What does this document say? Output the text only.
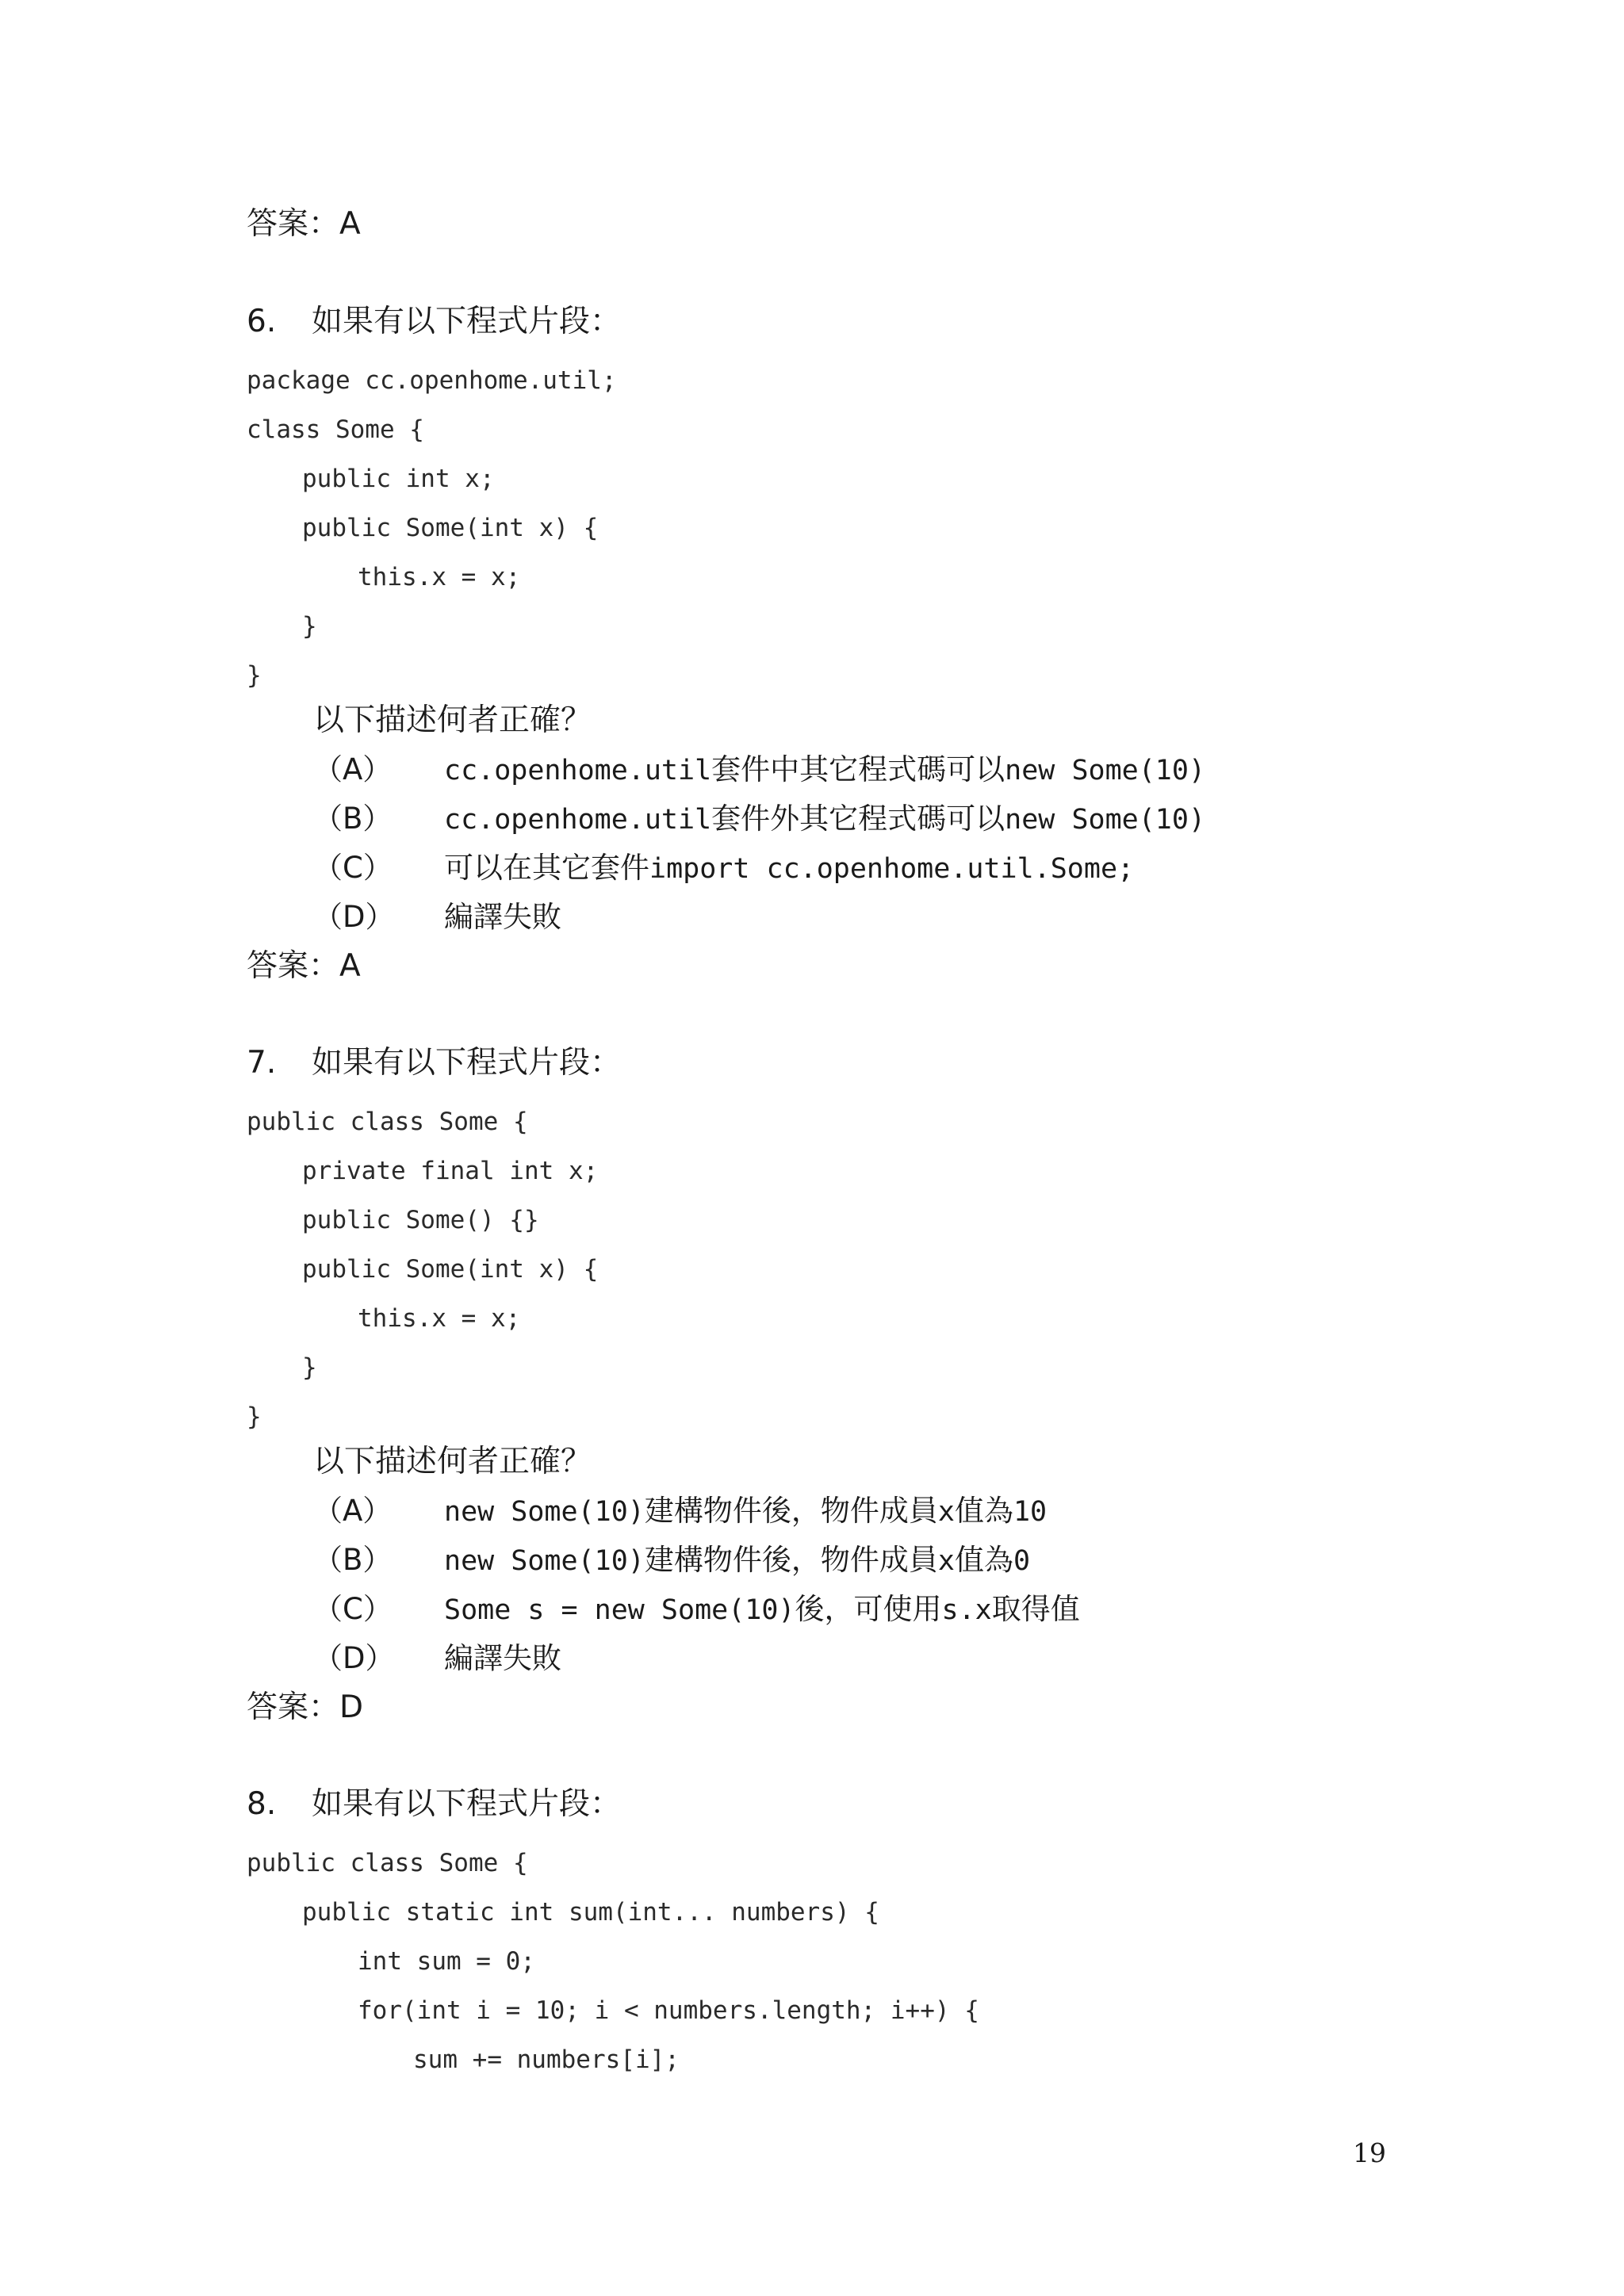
答案：A
6. 如果有以下程式片段：
package cc.openhome.util;
class Some {
public int x;
public Some(int x) {
this.x = x;
}
}
以下描述何者正確？
（A） cc.openhome.util套件中其它程式碼可以new Some(10)
（B） cc.openhome.util套件外其它程式碼可以new Some(10)
（C） 可以在其它套件import cc.openhome.util.Some;
（D） 編譯失敗
答案：A
7. 如果有以下程式片段：
public class Some {
private final int x;
public Some() {}
public Some(int x) {
this.x = x;
}
}
以下描述何者正確？
（A） new Some(10)建構物件後，物件成員x值為10
（B） new Some(10)建構物件後，物件成員x值為0
（C） Some s = new Some(10)後，可使用s.x取得值
（D） 編譯失敗
答案：D
8. 如果有以下程式片段：
public class Some {
public static int sum(int... numbers) {
int sum = 0;
for(int i = 10; i < numbers.length; i++) {
sum += numbers[i];
19
